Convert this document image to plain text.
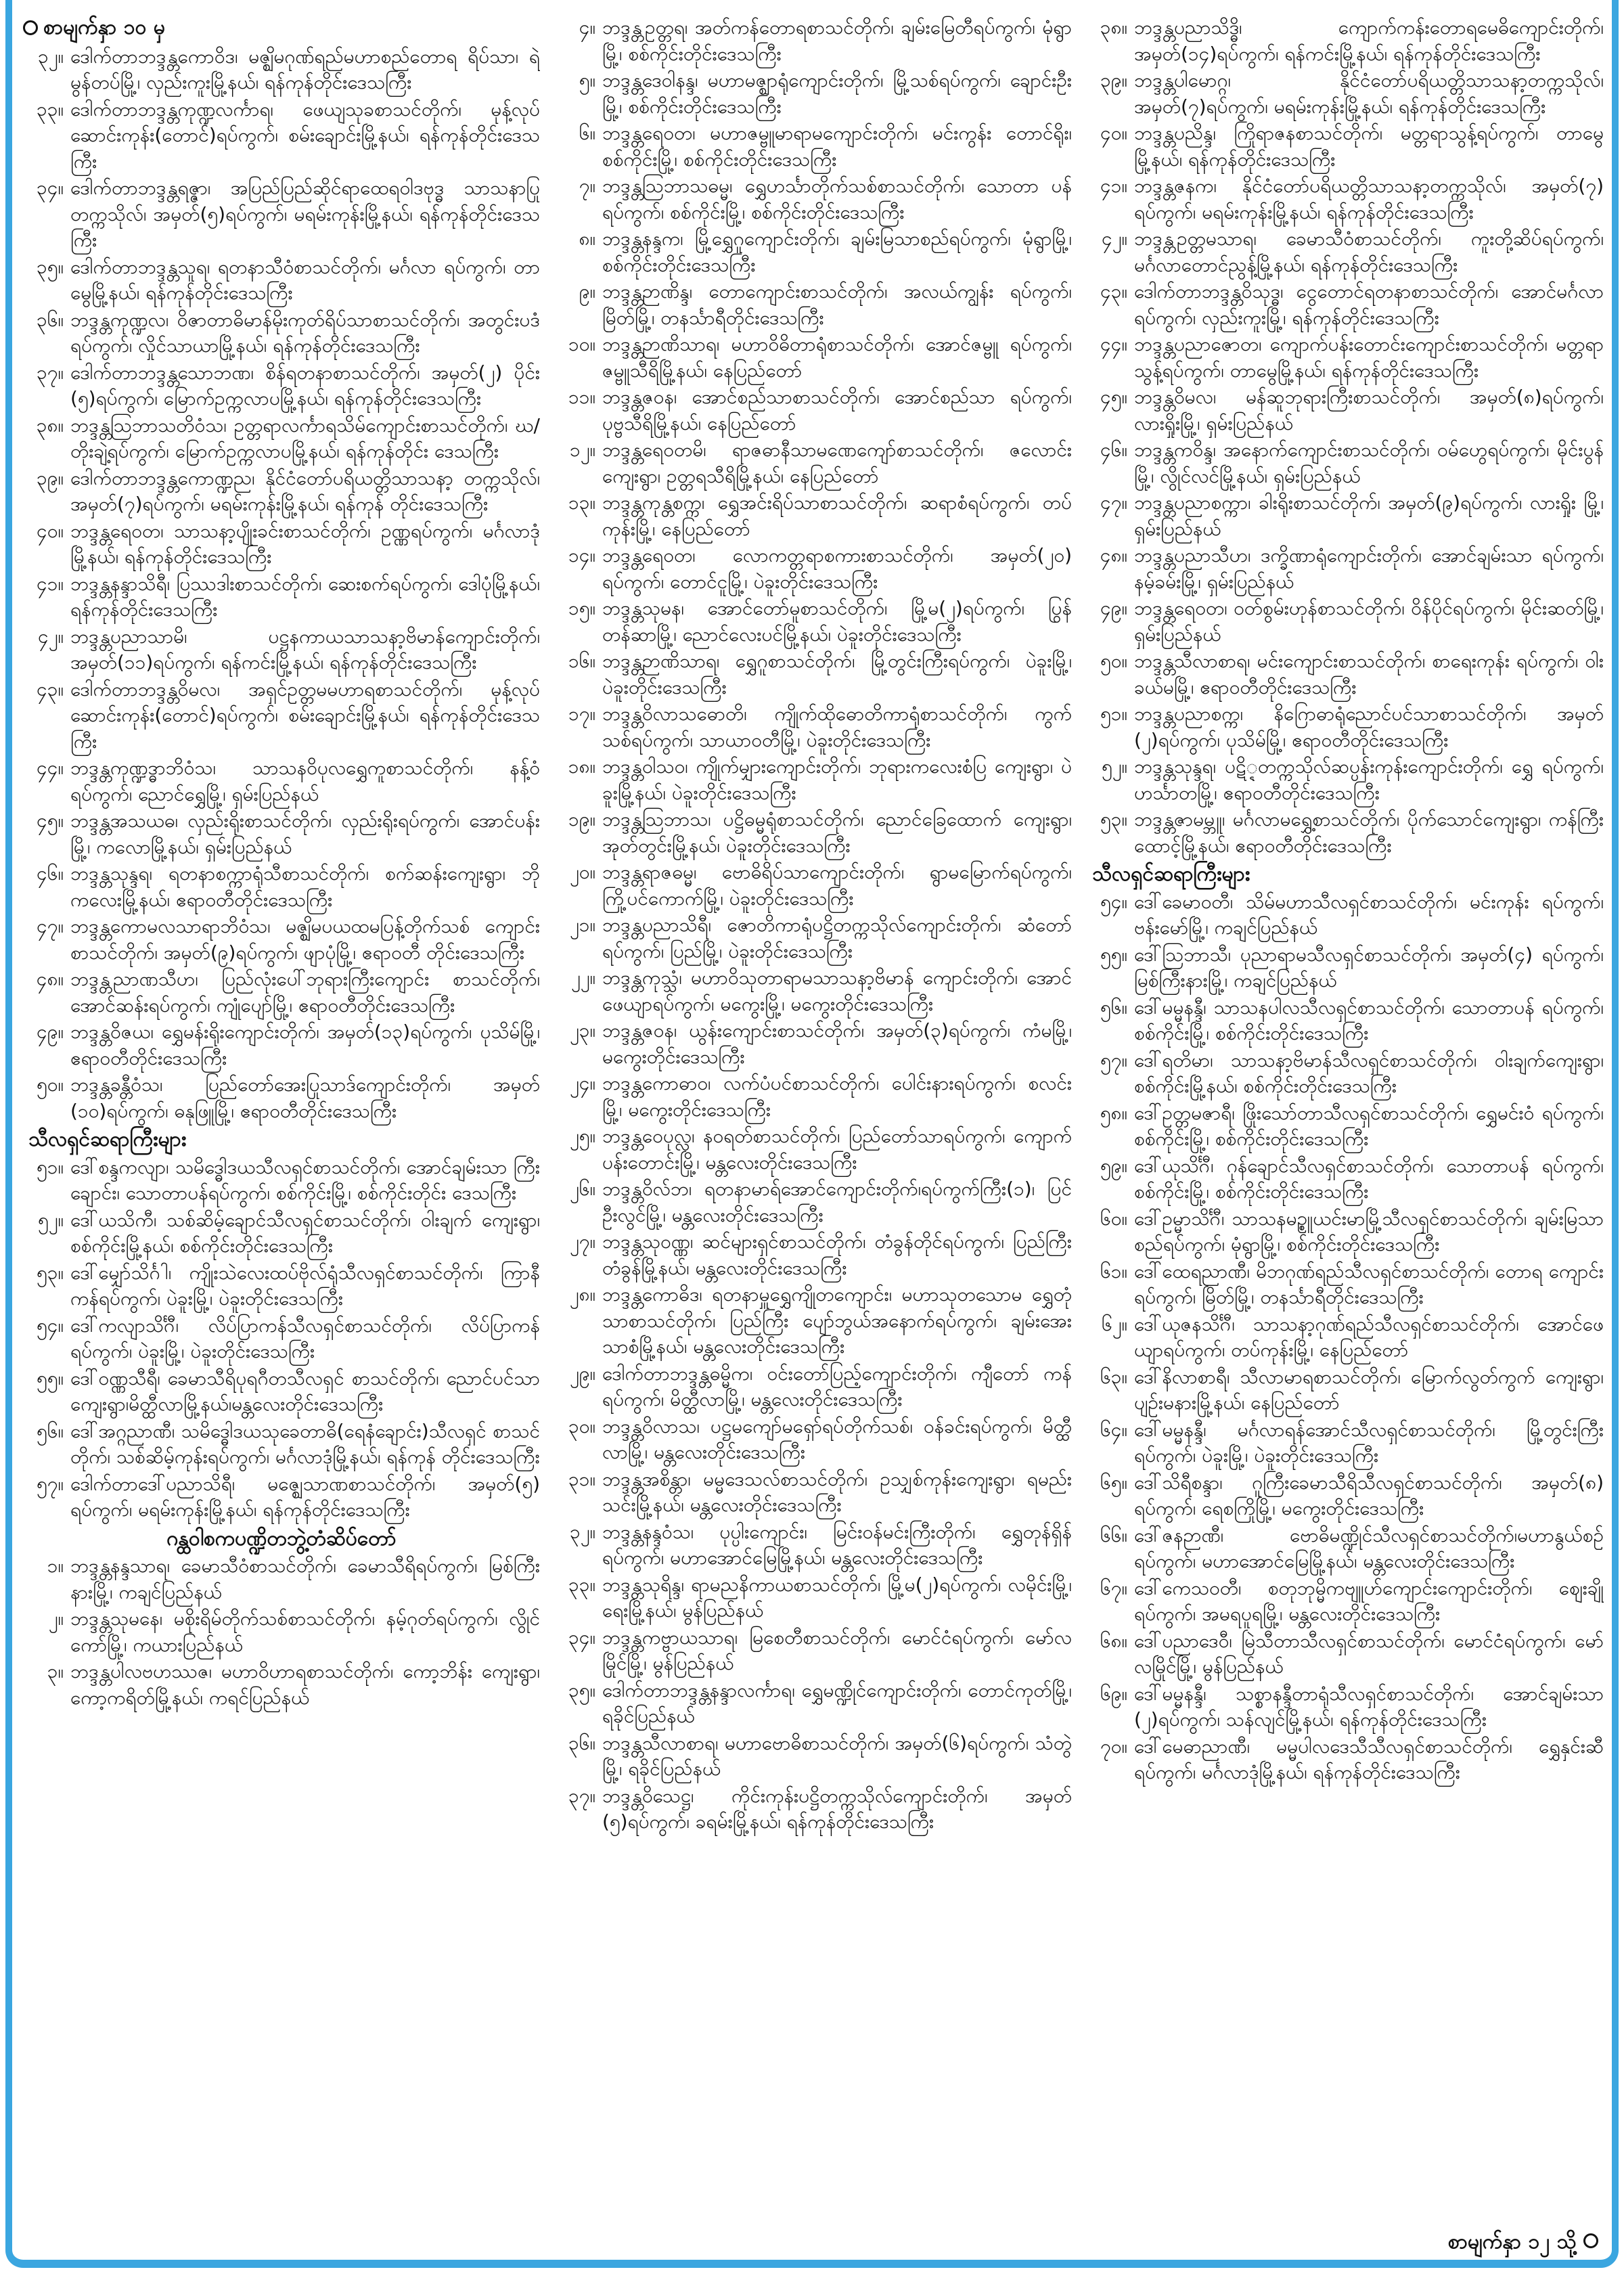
စာမျက်နှာ ၁၀ မှ
၃၂။ ဒေါက်တာဘဒ္ဒန္တကောဝိဒ၊ မဇ္ဈိမဂုဏ်ရည်မဟာစည်တောရ ရိပ်သာ၊ ရဲမွန်တပ်မြို့၊ လှည်းကူးမြို့နယ်၊ ရန်ကုန်တိုင်းဒေသကြီး
၃၃။ ဒေါက်တာဘဒ္ဒန္တကုဏ္ဍလင်္ကာရ၊ ဖေယျသုခစာသင်တိုက်၊ မုန့်လုပ်ဆောင်းကုန်း(တောင်)ရပ်ကွက်၊ စမ်းချောင်းမြို့နယ်၊ ရန်ကုန်တိုင်းဒေသကြီး
၃၄။ ဒေါက်တာဘဒ္ဒန္တရဇ္ဇာ၊ အပြည်ပြည်ဆိုင်ရာထေရဝါဒဗုဒ္ဓ သာသနာပြုတက္ကသိုလ်၊ အမှတ်(၅)ရပ်ကွက်၊ မရမ်းကုန်းမြို့နယ်၊ ရန်ကုန်တိုင်းဒေသကြီး
၃၅။ ဒေါက်တာဘဒ္ဒန္တသူရ၊ ရတနာသီဝံစာသင်တိုက်၊ မင်္ဂလာ ရပ်ကွက်၊ တာမွေမြို့နယ်၊ ရန်ကုန်တိုင်းဒေသကြီး
၃၆။ ဘဒ္ဒန္တကုဏ္ဍလ၊ ဝိဇာတာဓိမာန်မိုးကုတ်ရိပ်သာစာသင်တိုက်၊ အတွင်းပဒံရပ်ကွက်၊ လှိုင်သာယာမြို့နယ်၊ ရန်ကုန်တိုင်းဒေသကြီး
၃၇။ ဒေါက်တာဘဒ္ဒန္တသောဘဏ၊ စိန်ရတနာစာသင်တိုက်၊ အမှတ်(၂) ပိုင်း (၅)ရပ်ကွက်၊ မြောက်ဥက္ကလာပမြို့နယ်၊ ရန်ကုန်တိုင်းဒေသကြီး
၃၈။ ဘဒ္ဒန္တသြဘာသတိဝံသ၊ ဥတ္တရာလင်္ကာရသိမ်ကျောင်းစာသင်တိုက်၊ ဃ/တိုးချဲ့ရပ်ကွက်၊ မြောက်ဥက္ကလာပမြို့နယ်၊ ရန်ကုန်တိုင်း ဒေသကြီး
၃၉။ ဒေါက်တာဘဒ္ဒန္တကောဏ္ဍည၊ နိုင်ငံတော်ပရိယတ္တိသာသနာ့ တက္ကသိုလ်၊ အမှတ်(၇)ရပ်ကွက်၊ မရမ်းကုန်းမြို့နယ်၊ ရန်ကုန် တိုင်းဒေသကြီး
၄၀။ ဘဒ္ဒန္တရေဝတ၊ သာသနာ့ပျိုးခင်းစာသင်တိုက်၊ ဥဏ္ဏရပ်ကွက်၊ မင်္ဂလာဒုံမြို့နယ်၊ ရန်ကုန်တိုင်းဒေသကြီး
၄၁။ ဘဒ္ဒန္တနန္ဒာသိရီ၊ ပြဿဒါးစာသင်တိုက်၊ ဆေးစက်ရပ်ကွက်၊ ဒေါပုံမြို့နယ်၊ ရန်ကုန်တိုင်းဒေသကြီး
၄၂။ ဘဒ္ဒန္တပညာသာမိ၊ ပဋ္ဌနကာယသာသနာ့ဗိမာန်ကျောင်းတိုက်၊ အမှတ်(၁၁)ရပ်ကွက်၊ ရန်ကင်းမြို့နယ်၊ ရန်ကုန်တိုင်းဒေသကြီး
၄၃။ ဒေါက်တာဘဒ္ဒန္တဝိမလ၊ အရှင်ဥတ္တမမဟာရစာသင်တိုက်၊ မုန့်လုပ်ဆောင်းကုန်း(တောင်)ရပ်ကွက်၊ စမ်းချောင်းမြို့နယ်၊ ရန်ကုန်တိုင်းဒေသကြီး
၄၄။ ဘဒ္ဒန္တကုဏ္ဍဒ္ဓာဘိဝံသ၊ သာသနဝိပုလရွှေကူစာသင်တိုက်၊ နန့်ဝံ ရပ်ကွက်၊ ညောင်ရွှေမြို့၊ ရှမ်းပြည်နယ်
၄၅။ ဘဒ္ဒန္တအသယဓ၊ လှည်းရိုးစာသင်တိုက်၊ လှည်းရိုးရပ်ကွက်၊ အောင်ပန်းမြို့၊ ကလောမြို့နယ်၊ ရှမ်းပြည်နယ်
၄၆။ ဘဒ္ဒန္တသုန္ဒရ၊ ရတနာစက္ကာရုံသီစာသင်တိုက်၊ စက်ဆန်းကျေးရွာ၊ ဘိုကလေးမြို့နယ်၊ ဧရာဝတီတိုင်းဒေသကြီး
၄၇။ ဘဒ္ဒန္တကောမလသာရာဘိဝံသ၊ မဇ္ဈိမပယထမပြန့်တိုက်သစ် ကျောင်းစာသင်တိုက်၊ အမှတ်(၉)ရပ်ကွက်၊ ဖျာပုံမြို့၊ ဧရာဝတီ တိုင်းဒေသကြီး
၄၈။ ဘဒ္ဒန္တညာဏသီဟ၊ ပြည်လုံးပေါ်ဘုရားကြီးကျောင်း စာသင်တိုက်၊ အောင်ဆန်းရပ်ကွက်၊ ကျုံပျော်မြို့၊ ဧရာဝတီတိုင်းဒေသကြီး
၄၉။ ဘဒ္ဒန္တဝိဇယ၊ ရွှေမန်းရိုးကျောင်းတိုက်၊ အမှတ်(၁၃)ရပ်ကွက်၊ ပုသိမ်မြို့၊ ဧရာဝတီတိုင်းဒေသကြီး
၅၀။ ဘဒ္ဒန္တခန္တီဝံသ၊ ပြည်တော်အေးပြုသာဒ်ကျောင်းတိုက်၊ အမှတ် (၁၀)ရပ်ကွက်၊ ဓနုဖြူမြို့၊ ဧရာဝတီတိုင်းဒေသကြီး
သီလရှင်ဆရာကြီးများ
၅၁။ ဒေါ်စန္ဒကလျာ၊ သမိဒ္ဓေါဒယသီလရှင်စာသင်တိုက်၊ အောင်ချမ်းသာ ကြီးချောင်း၊ သောတာပန်ရပ်ကွက်၊ စစ်ကိုင်းမြို့၊ စစ်ကိုင်းတိုင်း ဒေသကြီး
၅၂။ ဒေါ်ယသိကီ၊ သစ်ဆိမ့်ချောင်သီလရှင်စာသင်တိုက်၊ ဝါးချက် ကျေးရွာ၊ စစ်ကိုင်းမြို့နယ်၊ စစ်ကိုင်းတိုင်းဒေသကြီး
၅၃။ ဒေါ်မျှော်သိင်္ဂါ၊ ကျိုးသဲလေးထပ်ဗိုလ်ရုံသီလရှင်စာသင်တိုက်၊ ကြာနီကန်ရပ်ကွက်၊ ပဲခူးမြို့၊ ပဲခူးတိုင်းဒေသကြီး
၅၄။ ဒေါ်ကလျာသိင်္ဂီ၊ လိပ်ပြာကန်သီလရှင်စာသင်တိုက်၊ လိပ်ပြာကန် ရပ်ကွက်၊ ပဲခူးမြို့၊ ပဲခူးတိုင်းဒေသကြီး
၅၅။ ဒေါ်ဝဏ္ဏသီရီ၊ ခေမာသီရိပုရဂီတသီလရှင် စာသင်တိုက်၊ ညောင်ပင်သာကျေးရွာ၊မိတ္ထီလာမြို့နယ်၊မန္တလေးတိုင်းဒေသကြီး
၅၆။ ဒေါ်အဂ္ဂညာဏီ၊ သမိဒ္ဓေါဒယသုခေတာဓိ(ရေနံချောင်း)သီလရှင် စာသင်တိုက်၊ သစ်ဆိမ့်ကုန်းရပ်ကွက်၊ မင်္ဂလာဒုံမြို့နယ်၊ ရန်ကုန် တိုင်းဒေသကြီး
၅၇။ ဒေါက်တာဒေါ်ပညာသိရီ၊ မဇ္ဈေသာဏစာသင်တိုက်၊ အမှတ်(၅) ရပ်ကွက်၊ မရမ်းကုန်းမြို့နယ်၊ ရန်ကုန်တိုင်းဒေသကြီး
ဂန္ထဝါစကပဏ္ဍိတဘွဲ့တံဆိပ်တော်
၁။ ဘဒ္ဒန္တနန္ဒသာရ၊ ခေမာသီဝံစာသင်တိုက်၊ ခေမာသီရိရပ်ကွက်၊ မြစ်ကြီးနားမြို့၊ ကချင်ပြည်နယ်
၂။ ဘဒ္ဒန္တသုမနေ၊ မစိုးရိမ်တိုက်သစ်စာသင်တိုက်၊ နမ့်ဂုတ်ရပ်ကွက်၊ လွိုင်ကော်မြို့၊ ကယားပြည်နယ်
၃။ ဘဒ္ဒန္တပါလဗဟဿဇ၊ မဟာဝိဟာရစာသင်တိုက်၊ ကော့ဘိန်း ကျေးရွာ၊ ကော့ကရိတ်မြို့နယ်၊ ကရင်ပြည်နယ်
၄။ ဘဒ္ဒန္တဥတ္တရ၊ အတ်ကန်တောရစာသင်တိုက်၊ ချမ်းမြေတီရပ်ကွက်၊ မုံရွာမြို့၊ စစ်ကိုင်းတိုင်းဒေသကြီး
၅။ ဘဒ္ဒန္တဒေဝါနန္ဒ၊ မဟာမဇ္ဈာရုံကျောင်းတိုက်၊ မြို့သစ်ရပ်ကွက်၊ ချောင်းဦးမြို့၊ စစ်ကိုင်းတိုင်းဒေသကြီး
၆။ ဘဒ္ဒန္တရေဝတ၊ မဟာဇမ္ဗူမာရာမကျောင်းတိုက်၊ မင်းကွန်း တောင်ရိုး၊ စစ်ကိုင်းမြို့၊ စစ်ကိုင်းတိုင်းဒေသကြီး
၇။ ဘဒ္ဒန္တသြဘာသဓမ္မ၊ ရွှေဟင်္သာတိုက်သစ်စာသင်တိုက်၊ သောတာ ပန်ရပ်ကွက်၊ စစ်ကိုင်းမြို့၊ စစ်ကိုင်းတိုင်းဒေသကြီး
၈။ ဘဒ္ဒန္တနန္ဒက၊ မြို့ရွှေဂူကျောင်းတိုက်၊ ချမ်းမြသာစည်ရပ်ကွက်၊ မုံရွာမြို့၊ စစ်ကိုင်းတိုင်းဒေသကြီး
၉။ ဘဒ္ဒန္တဉာဏိန္ဒ၊ တောကျောင်းစာသင်တိုက်၊ အလယ်ကျွန်း ရပ်ကွက်၊ မြိတ်မြို့၊ တနင်္သာရီတိုင်းဒေသကြီး
၁၀။ ဘဒ္ဒန္တဉာဏိသာရ၊ မဟာဝိဓိတာရုံစာသင်တိုက်၊ အောင်ဇမ္ဗူ ရပ်ကွက်၊ ဇမ္ဗူသီရိမြို့နယ်၊ နေပြည်တော်
၁၁။ ဘဒ္ဒန္တဇဝန၊ အောင်စည်သာစာသင်တိုက်၊ အောင်စည်သာ ရပ်ကွက်၊ ပုဗ္ဗသီရိမြို့နယ်၊ နေပြည်တော်
၁၂။ ဘဒ္ဒန္တရေဝတမိ၊ ရာဇဓာနီသာမဏေကျော်စာသင်တိုက်၊ ဇလောင်း ကျေးရွာ၊ ဥတ္တရသီရိမြို့နယ်၊ နေပြည်တော်
၁၃။ ဘဒ္ဒန္တကုန္တစက္က၊ ရွှေအင်းရိပ်သာစာသင်တိုက်၊ ဆရာစံရပ်ကွက်၊ တပ်ကုန်းမြို့၊ နေပြည်တော်
၁၄။ ဘဒ္ဒန္တရေဝတ၊ လောကတ္တရာစကားစာသင်တိုက်၊ အမှတ်(၂၀) ရပ်ကွက်၊ တောင်ငူမြို့၊ ပဲခူးတိုင်းဒေသကြီး
၁၅။ ဘဒ္ဒန္တသုမန၊ အောင်တော်မူစာသင်တိုက်၊ မြို့မ(၂)ရပ်ကွက်၊ ပြွန်တန်ဆာမြို့၊ ညောင်လေးပင်မြို့နယ်၊ ပဲခူးတိုင်းဒေသကြီး
၁၆။ ဘဒ္ဒန္တဉာဏိသာရ၊ ရွှေဂူစာသင်တိုက်၊ မြို့တွင်းကြီးရပ်ကွက်၊ ပဲခူးမြို့၊ ပဲခူးတိုင်းဒေသကြီး
၁၇။ ဘဒ္ဒန္တဝိလာသဓောတိ၊ ကျိုက်ထိုဓောတိကာရုံစာသင်တိုက်၊ ကွက်သစ်ရပ်ကွက်၊ သာယာဝတီမြို့၊ ပဲခူးတိုင်းဒေသကြီး
၁၈။ ဘဒ္ဒန္တဝါသဝ၊ ကျိုက်မျှားကျောင်းတိုက်၊ ဘုရားကလေးစံပြ ကျေးရွာ၊ ပဲခူးမြို့နယ်၊ ပဲခူးတိုင်းဒေသကြီး
၁၉။ ဘဒ္ဒန္တသြဘာသ၊ ပဋ္ဌိဓမ္မရုံစာသင်တိုက်၊ ညောင်ခြေထောက် ကျေးရွာ၊ အုတ်တွင်းမြို့နယ်၊ ပဲခူးတိုင်းဒေသကြီး
၂၀။ ဘဒ္ဒန္တရာဇဓမ္မ၊ ဗောဓိရိပ်သာကျောင်းတိုက်၊ ရွာမမြောက်ရပ်ကွက်၊ ကြို့ပင်ကောက်မြို့၊ ပဲခူးတိုင်းဒေသကြီး
၂၁။ ဘဒ္ဒန္တပညာသိရီ၊ ဇောတိကာရုံပဋ္ဌိတက္ကသိုလ်ကျောင်းတိုက်၊ ဆံတော်ရပ်ကွက်၊ ပြည်မြို့၊ ပဲခူးတိုင်းဒေသကြီး
၂၂။ ဘဒ္ဒန္တကုသ္သံ၊ မဟာဝိသုတာရာမသာသနာ့ဗိမာန် ကျောင်းတိုက်၊ အောင်ဖေယျာရပ်ကွက်၊ မကွေးမြို့၊ မကွေးတိုင်းဒေသကြီး
၂၃။ ဘဒ္ဒန္တဇဝန၊ ယွန်းကျောင်းစာသင်တိုက်၊ အမှတ်(၃)ရပ်ကွက်၊ ကံမမြို့၊ မကွေးတိုင်းဒေသကြီး
၂၄။ ဘဒ္ဒန္တကောဓာဝ၊ လက်ပံပင်စာသင်တိုက်၊ ပေါင်းနားရပ်ကွက်၊ စလင်းမြို့၊ မကွေးတိုင်းဒေသကြီး
၂၅။ ဘဒ္ဒန္တဝေပုလ္လ၊ နဝရတ်စာသင်တိုက်၊ ပြည်တော်သာရပ်ကွက်၊ ကျောက်ပန်းတောင်းမြို့၊ မန္တလေးတိုင်းဒေသကြီး
၂၆။ ဘဒ္ဒန္တဝိလ်ဘ၊ ရတနာမာရ်အောင်ကျောင်းတိုက်၊ရပ်ကွက်ကြီး(၁)၊ ပြင်ဦးလွင်မြို့၊ မန္တလေးတိုင်းဒေသကြီး
၂၇။ ဘဒ္ဒန္တသုဝဏ္ဏ၊ ဆင်များရှင်စာသင်တိုက်၊ တံခွန်တိုင်ရပ်ကွက်၊ ပြည်ကြီးတံခွန်မြို့နယ်၊ မန္တလေးတိုင်းဒေသကြီး
၂၈။ ဘဒ္ဒန္တကောဓိဒ၊ ရတနာမှူရွှေကျိုတကျောင်း၊ မဟာသုတသောမ ရွှေတုံသာစာသင်တိုက်၊ ပြည်ကြီး ပျော်ဘွယ်အနောက်ရပ်ကွက်၊ ချမ်းအေးသာစံမြို့နယ်၊ မန္တလေးတိုင်းဒေသကြီး
၂၉။ ဒေါက်တာဘဒ္ဒန္တဓမ္မိက၊ ဝင်းတော်ပြည့်ကျောင်းတိုက်၊ ကျီတော် ကန်ရပ်ကွက်၊ မိတ္ထီလာမြို့၊ မန္တလေးတိုင်းဒေသကြီး
၃၀။ ဘဒ္ဒန္တဝိလာသ၊ ပဋ္ဌမကျော်မရှော်ရပ်တိုက်သစ်၊ ဝန်ခင်းရပ်ကွက်၊ မိတ္ထီလာမြို့၊ မန္တလေးတိုင်းဒေသကြီး
၃၁။ ဘဒ္ဒန္တအစိန္တာ၊ မမ္မဒေသလ်စာသင်တိုက်၊ ဥသျှစ်ကုန်းကျေးရွာ၊ ရမည်းသင်းမြို့နယ်၊ မန္တလေးတိုင်းဒေသကြီး
၃၂။ ဘဒ္ဒန္တနန္ဒဝံသ၊ ပုပ္ပါးကျောင်း၊ မြင်းဝန်မင်းကြီးတိုက်၊ ရွှေတုန်ရှိန် ရပ်ကွက်၊ မဟာအောင်မြေမြို့နယ်၊ မန္တလေးတိုင်းဒေသကြီး
၃၃။ ဘဒ္ဒန္တသုရိန္ဒ၊ ရာမညနိကာယစာသင်တိုက်၊ မြို့မ(၂)ရပ်ကွက်၊ လမိုင်းမြို့၊ ရေးမြို့နယ်၊ မွန်ပြည်နယ်
၃၄။ ဘဒ္ဒန္တကဗ္ဗာယသာရ၊ မြစေတီစာသင်တိုက်၊ မောင်ငံရပ်ကွက်၊ မော်လမြိုင်မြို့၊ မွန်ပြည်နယ်
၃၅။ ဒေါက်တာဘဒ္ဒန္တနန္ဒာလင်္ကာရ၊ ရွှေမဏ္ဍိုင်ကျောင်းတိုက်၊ တောင်ကုတ်မြို့၊ ရခိုင်ပြည်နယ်
၃၆။ ဘဒ္ဒန္တသီလာစာရ၊ မဟာဗောဓိစာသင်တိုက်၊ အမှတ်(၆)ရပ်ကွက်၊ သံတွဲမြို့၊ ရခိုင်ပြည်နယ်
၃၇။ ဘဒ္ဒန္တဝိသေဋ္ဌ၊ ကိုင်းကုန်းပဋ္ဌိတက္ကသိုလ်ကျောင်းတိုက်၊ အမှတ် (၅)ရပ်ကွက်၊ ခရမ်းမြို့နယ်၊ ရန်ကုန်တိုင်းဒေသကြီး
၃၈။ ဘဒ္ဒန္တပညာသိဒ္ဓိ၊ ကျောက်ကန်းတောရမေဓိကျောင်းတိုက်၊ အမှတ်(၁၄)ရပ်ကွက်၊ ရန်ကင်းမြို့နယ်၊ ရန်ကုန်တိုင်းဒေသကြီး
၃၉။ ဘဒ္ဒန္တပါမောဂ္ဂ၊ နိုင်ငံတော်ပရိယတ္တိသာသနာ့တက္ကသိုလ်၊ အမှတ်(၇)ရပ်ကွက်၊ မရမ်းကုန်းမြို့နယ်၊ ရန်ကုန်တိုင်းဒေသကြီး
၄၀။ ဘဒ္ဒန္တပညိန္ဒ၊ ကြိုရာဇနစာသင်တိုက်၊ မတ္တရာသွန့်ရပ်ကွက်၊ တာမွေမြို့နယ်၊ ရန်ကုန်တိုင်းဒေသကြီး
၄၁။ ဘဒ္ဒန္တဇနက၊ နိုင်ငံတော်ပရိယတ္တိသာသနာ့တက္ကသိုလ်၊ အမှတ်(၇) ရပ်ကွက်၊ မရမ်းကုန်းမြို့နယ်၊ ရန်ကုန်တိုင်းဒေသကြီး
၄၂။ ဘဒ္ဒန္တဥတ္တမသာရ၊ ခေမာသီဝံစာသင်တိုက်၊ ကူးတို့ဆိပ်ရပ်ကွက်၊ မင်္ဂလာတောင်ညွန့်မြို့နယ်၊ ရန်ကုန်တိုင်းဒေသကြီး
၄၃။ ဒေါက်တာဘဒ္ဒန္တဝိသုဒ္ဓ၊ ငွေတောင်ရတနာစာသင်တိုက်၊ အောင်မင်္ဂလာရပ်ကွက်၊ လှည်းကူးမြို့၊ ရန်ကုန်တိုင်းဒေသကြီး
၄၄။ ဘဒ္ဒန္တပညာဇောတ၊ ကျောက်ပန်းတောင်းကျောင်းစာသင်တိုက်၊ မတ္တရာသွန့်ရပ်ကွက်၊ တာမွေမြို့နယ်၊ ရန်ကုန်တိုင်းဒေသကြီး
၄၅။ ဘဒ္ဒန္တဝိမလ၊ မန်ဆူဘုရားကြီးစာသင်တိုက်၊ အမှတ်(၈)ရပ်ကွက်၊ လားရှိုးမြို့၊ ရှမ်းပြည်နယ်
၄၆။ ဘဒ္ဒန္တကဝိန္ဒ၊ အနောက်ကျောင်းစာသင်တိုက်၊ ဝမ်ဟွေရပ်ကွက်၊ မိုင်းပွန်မြို့၊ လွိုင်လင်မြို့နယ်၊ ရှမ်းပြည်နယ်
၄၇။ ဘဒ္ဒန္တပညာစက္ကာ၊ ခါးရိုးစာသင်တိုက်၊ အမှတ်(၉)ရပ်ကွက်၊ လားရှိုး မြို့၊ ရှမ်းပြည်နယ်
၄၈။ ဘဒ္ဒန္တပညာသီဟ၊ ဒက္ခိဏာရုံကျောင်းတိုက်၊ အောင်ချမ်းသာ ရပ်ကွက်၊ နမ့်ခမ်းမြို့၊ ရှမ်းပြည်နယ်
၄၉။ ဘဒ္ဒန္တရေဝတ၊ ဝတ်စွမ်းဟုန်စာသင်တိုက်၊ ဝိန်ပိုင်ရပ်ကွက်၊ မိုင်းဆတ်မြို့၊ ရှမ်းပြည်နယ်
၅၀။ ဘဒ္ဒန္တသီလာစာရ၊ မင်းကျောင်းစာသင်တိုက်၊ စာရေးကုန်း ရပ်ကွက်၊ ဝါးခယ်မမြို့၊ ဧရာဝတီတိုင်းဒေသကြီး
၅၁။ ဘဒ္ဒန္တပညာစက္က၊ နိဂြောဓာရုံညောင်ပင်သာစာသင်တိုက်၊ အမှတ် (၂)ရပ်ကွက်၊ ပုသိမ်မြို့၊ ဧရာဝတီတိုင်းဒေသကြီး
၅၂။ ဘဒ္ဒန္တသုန္ဒရ၊ ပဋိ္ဋတက္ကသိုလ်ဆပ္ပန်းကုန်းကျောင်းတိုက်၊ ရွှေ ရပ်ကွက်၊ ဟင်္သာတမြို့၊ ဧရာဝတီတိုင်းဒေသကြီး
၅၃။ ဘဒ္ဒန္တဇာမမ္ဘူ၊ မင်္ဂလာမရွှေ့စာသင်တိုက်၊ ပိုက်သောင်ကျေးရွာ၊ ကန်ကြီးထောင့်မြို့နယ်၊ ဧရာဝတီတိုင်းဒေသကြီး
သီလရှင်ဆရာကြီးများ
၅၄။ ဒေါ်ခေမာဝတီ၊ သိမ်မဟာသီလရှင်စာသင်တိုက်၊ မင်းကုန်း ရပ်ကွက်၊ ဗန်းမော်မြို့၊ ကချင်ပြည်နယ်
၅၅။ ဒေါ်ဩဘာသီ၊ ပုညာရာမသီလရှင်စာသင်တိုက်၊ အမှတ်(၄) ရပ်ကွက်၊ မြစ်ကြီးနားမြို့၊ ကချင်ပြည်နယ်
၅၆။ ဒေါ်မမ္မနန္ဒီ၊ သာသနပါလသီလရှင်စာသင်တိုက်၊ သောတာပန် ရပ်ကွက်၊ စစ်ကိုင်းမြို့၊ စစ်ကိုင်းတိုင်းဒေသကြီး
၅၇။ ဒေါ်ရတိမာ၊ သာသနာ့ဗိမာန်သီလရှင်စာသင်တိုက်၊ ဝါးချက်ကျေးရွာ၊ စစ်ကိုင်းမြို့နယ်၊ စစ်ကိုင်းတိုင်းဒေသကြီး
၅၈။ ဒေါ်ဥတ္တမဇာရီ၊ ဖြိုးသော်တာသီလရှင်စာသင်တိုက်၊ ရွှေမင်းဝံ ရပ်ကွက်၊ စစ်ကိုင်းမြို့၊ စစ်ကိုင်းတိုင်းဒေသကြီး
၅၉။ ဒေါ်ယုသိင်္ဂီ၊ ဂုန်ချောင်သီလရှင်စာသင်တိုက်၊ သောတာပန် ရပ်ကွက်၊ စစ်ကိုင်းမြို့၊ စစ်ကိုင်းတိုင်းဒေသကြီး
၆၀။ ဒေါ်ဥမ္မာသိင်္ဂီ၊ သာသနမဉ္စူယင်းမာမြို့သီလရှင်စာသင်တိုက်၊ ချမ်းမြသာစည်ရပ်ကွက်၊ မုံရွာမြို့၊ စစ်ကိုင်းတိုင်းဒေသကြီး
၆၁။ ဒေါ်ထေရညာဏီ၊ မိဘဂုဏ်ရည်သီလရှင်စာသင်တိုက်၊ တောရ ကျောင်းရပ်ကွက်၊ မြိတ်မြို့၊ တနင်္သာရီတိုင်းဒေသကြီး
၆၂။ ဒေါ်ယုဇနသိင်္ဂီ၊ သာသနာ့ဂုဏ်ရည်သီလရှင်စာသင်တိုက်၊ အောင်ဖေယျာရပ်ကွက်၊ တပ်ကုန်းမြို့၊ နေပြည်တော်
၆၃။ ဒေါ်နိလာစာရီ၊ သီလာမာရစာသင်တိုက်၊ မြောက်လွတ်ကွက် ကျေးရွာ၊ ပျဉ်းမနားမြို့နယ်၊ နေပြည်တော်
၆၄။ ဒေါ်မမ္မနန္ဒီ၊ မင်္ဂလာရန်အောင်သီလရှင်စာသင်တိုက်၊ မြို့တွင်းကြီး ရပ်ကွက်၊ ပဲခူးမြို့၊ ပဲခူးတိုင်းဒေသကြီး
၆၅။ ဒေါ်သိရီစန္ဒာ၊ ဂူကြီးခေမာသီရိသီလရှင်စာသင်တိုက်၊ အမှတ်(၈) ရပ်ကွက်၊ ရေစကြိုမြို့၊ မကွေးတိုင်းဒေသကြီး
၆၆။ ဒေါ်ဇနဉာဏီ၊ ဗောဓိမဏ္ဍိုင်သီလရှင်စာသင်တိုက်၊မဟာနွယ်စဉ် ရပ်ကွက်၊ မဟာအောင်မြေမြို့နယ်၊ မန္တလေးတိုင်းဒေသကြီး
၆၇။ ဒေါ်ကေသဝတီ၊ စတုဘုမ္မိကဗျူဟ်ကျောင်းကျောင်းတိုက်၊ ဈေးချိုရပ်ကွက်၊ အမရပူရမြို့၊ မန္တလေးတိုင်းဒေသကြီး
၆၈။ ဒေါ်ပညာဒေဝီ၊ မြဲသီတာသီလရှင်စာသင်တိုက်၊ မောင်ငံရပ်ကွက်၊ မော်လမြိုင်မြို့၊ မွန်ပြည်နယ်
၆၉။ ဒေါ်မမ္မနန္ဒီ၊ သစ္စာနန္ဒီတာရုံသီလရှင်စာသင်တိုက်၊ အောင်ချမ်းသာ (၂)ရပ်ကွက်၊ သန်လျင်မြို့နယ်၊ ရန်ကုန်တိုင်းဒေသကြီး
၇၀။ ဒေါ်မေဓာညာဏီ၊ မမ္မပါလဒေသီသီလရှင်စာသင်တိုက်၊ ရွှေနှင်းဆီ ရပ်ကွက်၊ မင်္ဂလာဒုံမြို့နယ်၊ ရန်ကုန်တိုင်းဒေသကြီး
စာမျက်နှာ ၁၂ သို့
